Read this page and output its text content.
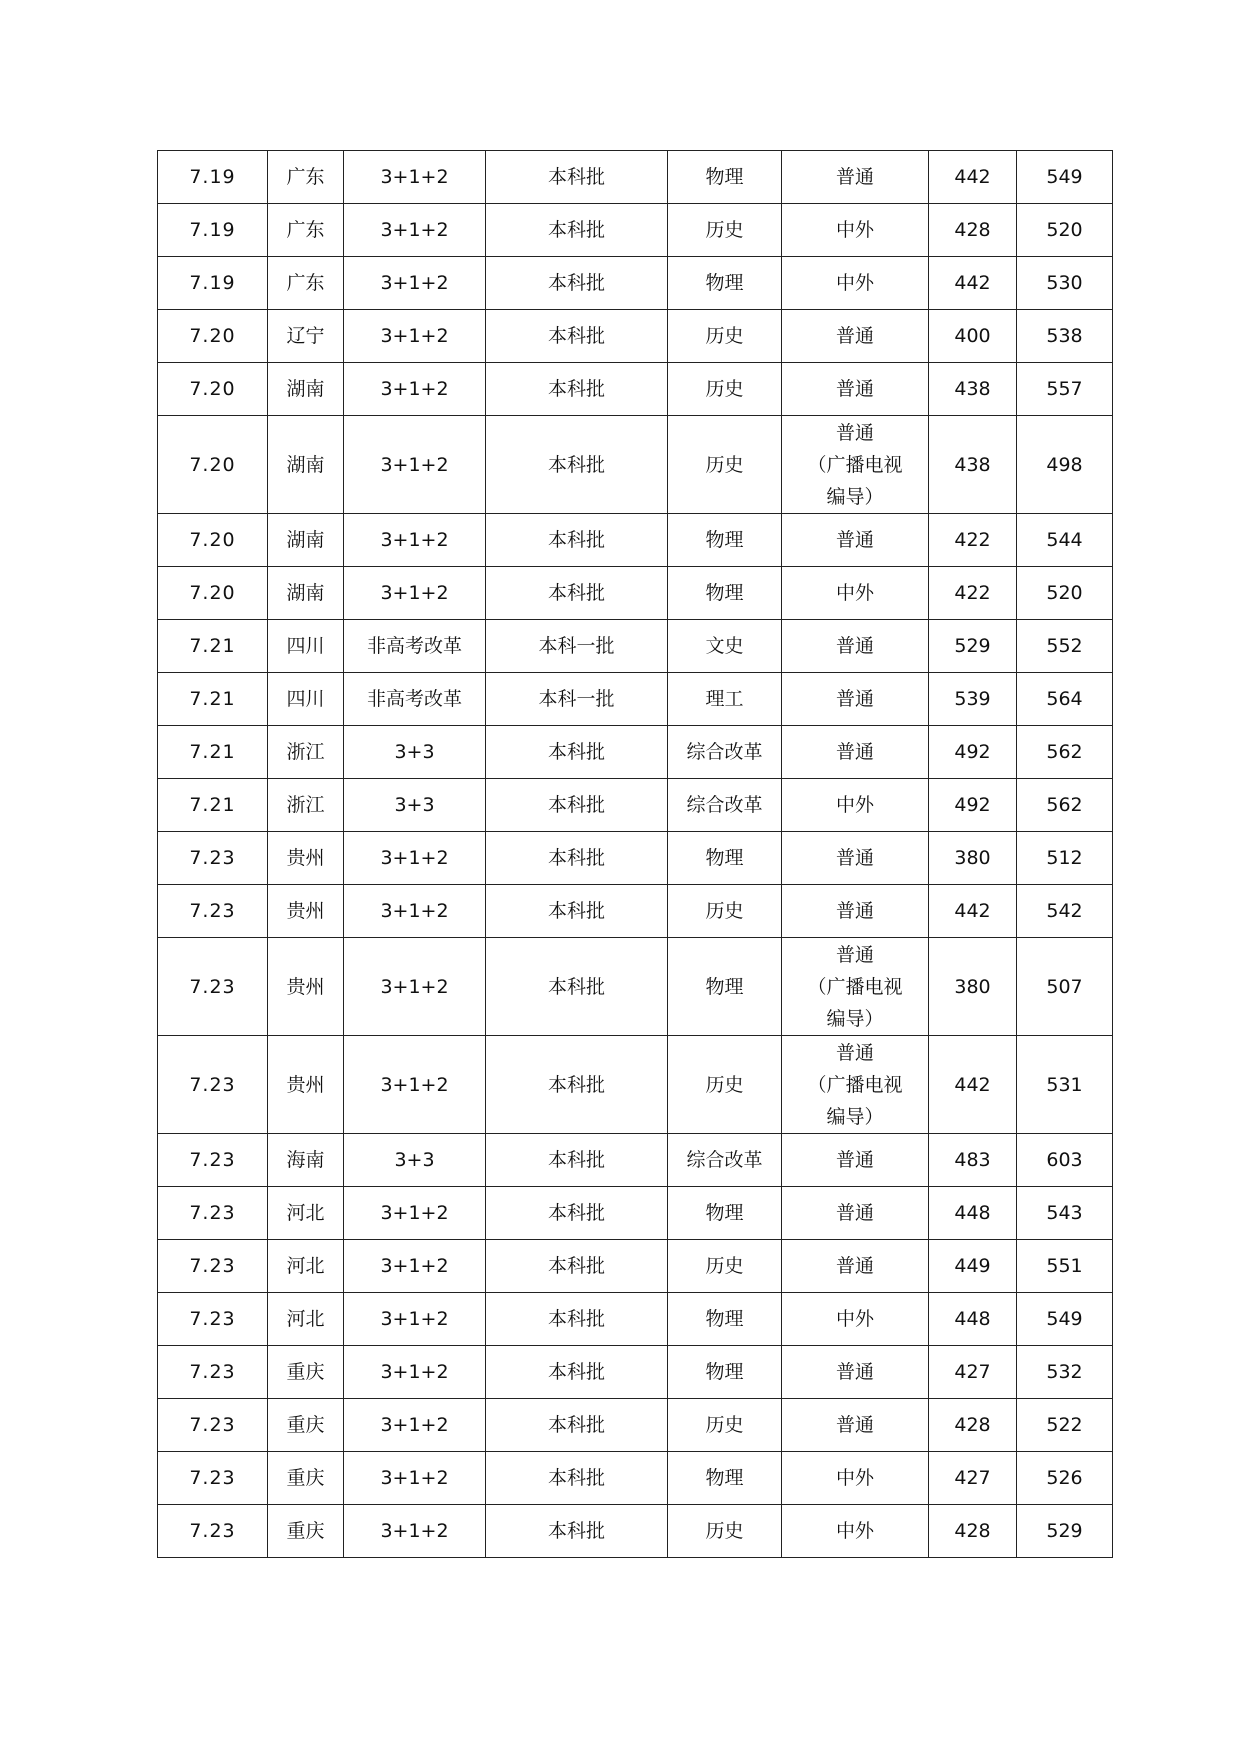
7.19	广东	3+1+2	本科批	物理	普通	442	549
7.19	广东	3+1+2	本科批	历史	中外	428	520
7.19	广东	3+1+2	本科批	物理	中外	442	530
7.20	辽宁	3+1+2	本科批	历史	普通	400	538
7.20	湖南	3+1+2	本科批	历史	普通	438	557
7.20	湖南	3+1+2	本科批	历史	普通
（广播电视
编导）	438	498
7.20	湖南	3+1+2	本科批	物理	普通	422	544
7.20	湖南	3+1+2	本科批	物理	中外	422	520
7.21	四川	非高考改革	本科一批	文史	普通	529	552
7.21	四川	非高考改革	本科一批	理工	普通	539	564
7.21	浙江	3+3	本科批	综合改革	普通	492	562
7.21	浙江	3+3	本科批	综合改革	中外	492	562
7.23	贵州	3+1+2	本科批	物理	普通	380	512
7.23	贵州	3+1+2	本科批	历史	普通	442	542
7.23	贵州	3+1+2	本科批	物理	普通
（广播电视
编导）	380	507
7.23	贵州	3+1+2	本科批	历史	普通
（广播电视
编导）	442	531
7.23	海南	3+3	本科批	综合改革	普通	483	603
7.23	河北	3+1+2	本科批	物理	普通	448	543
7.23	河北	3+1+2	本科批	历史	普通	449	551
7.23	河北	3+1+2	本科批	物理	中外	448	549
7.23	重庆	3+1+2	本科批	物理	普通	427	532
7.23	重庆	3+1+2	本科批	历史	普通	428	522
7.23	重庆	3+1+2	本科批	物理	中外	427	526
7.23	重庆	3+1+2	本科批	历史	中外	428	529
